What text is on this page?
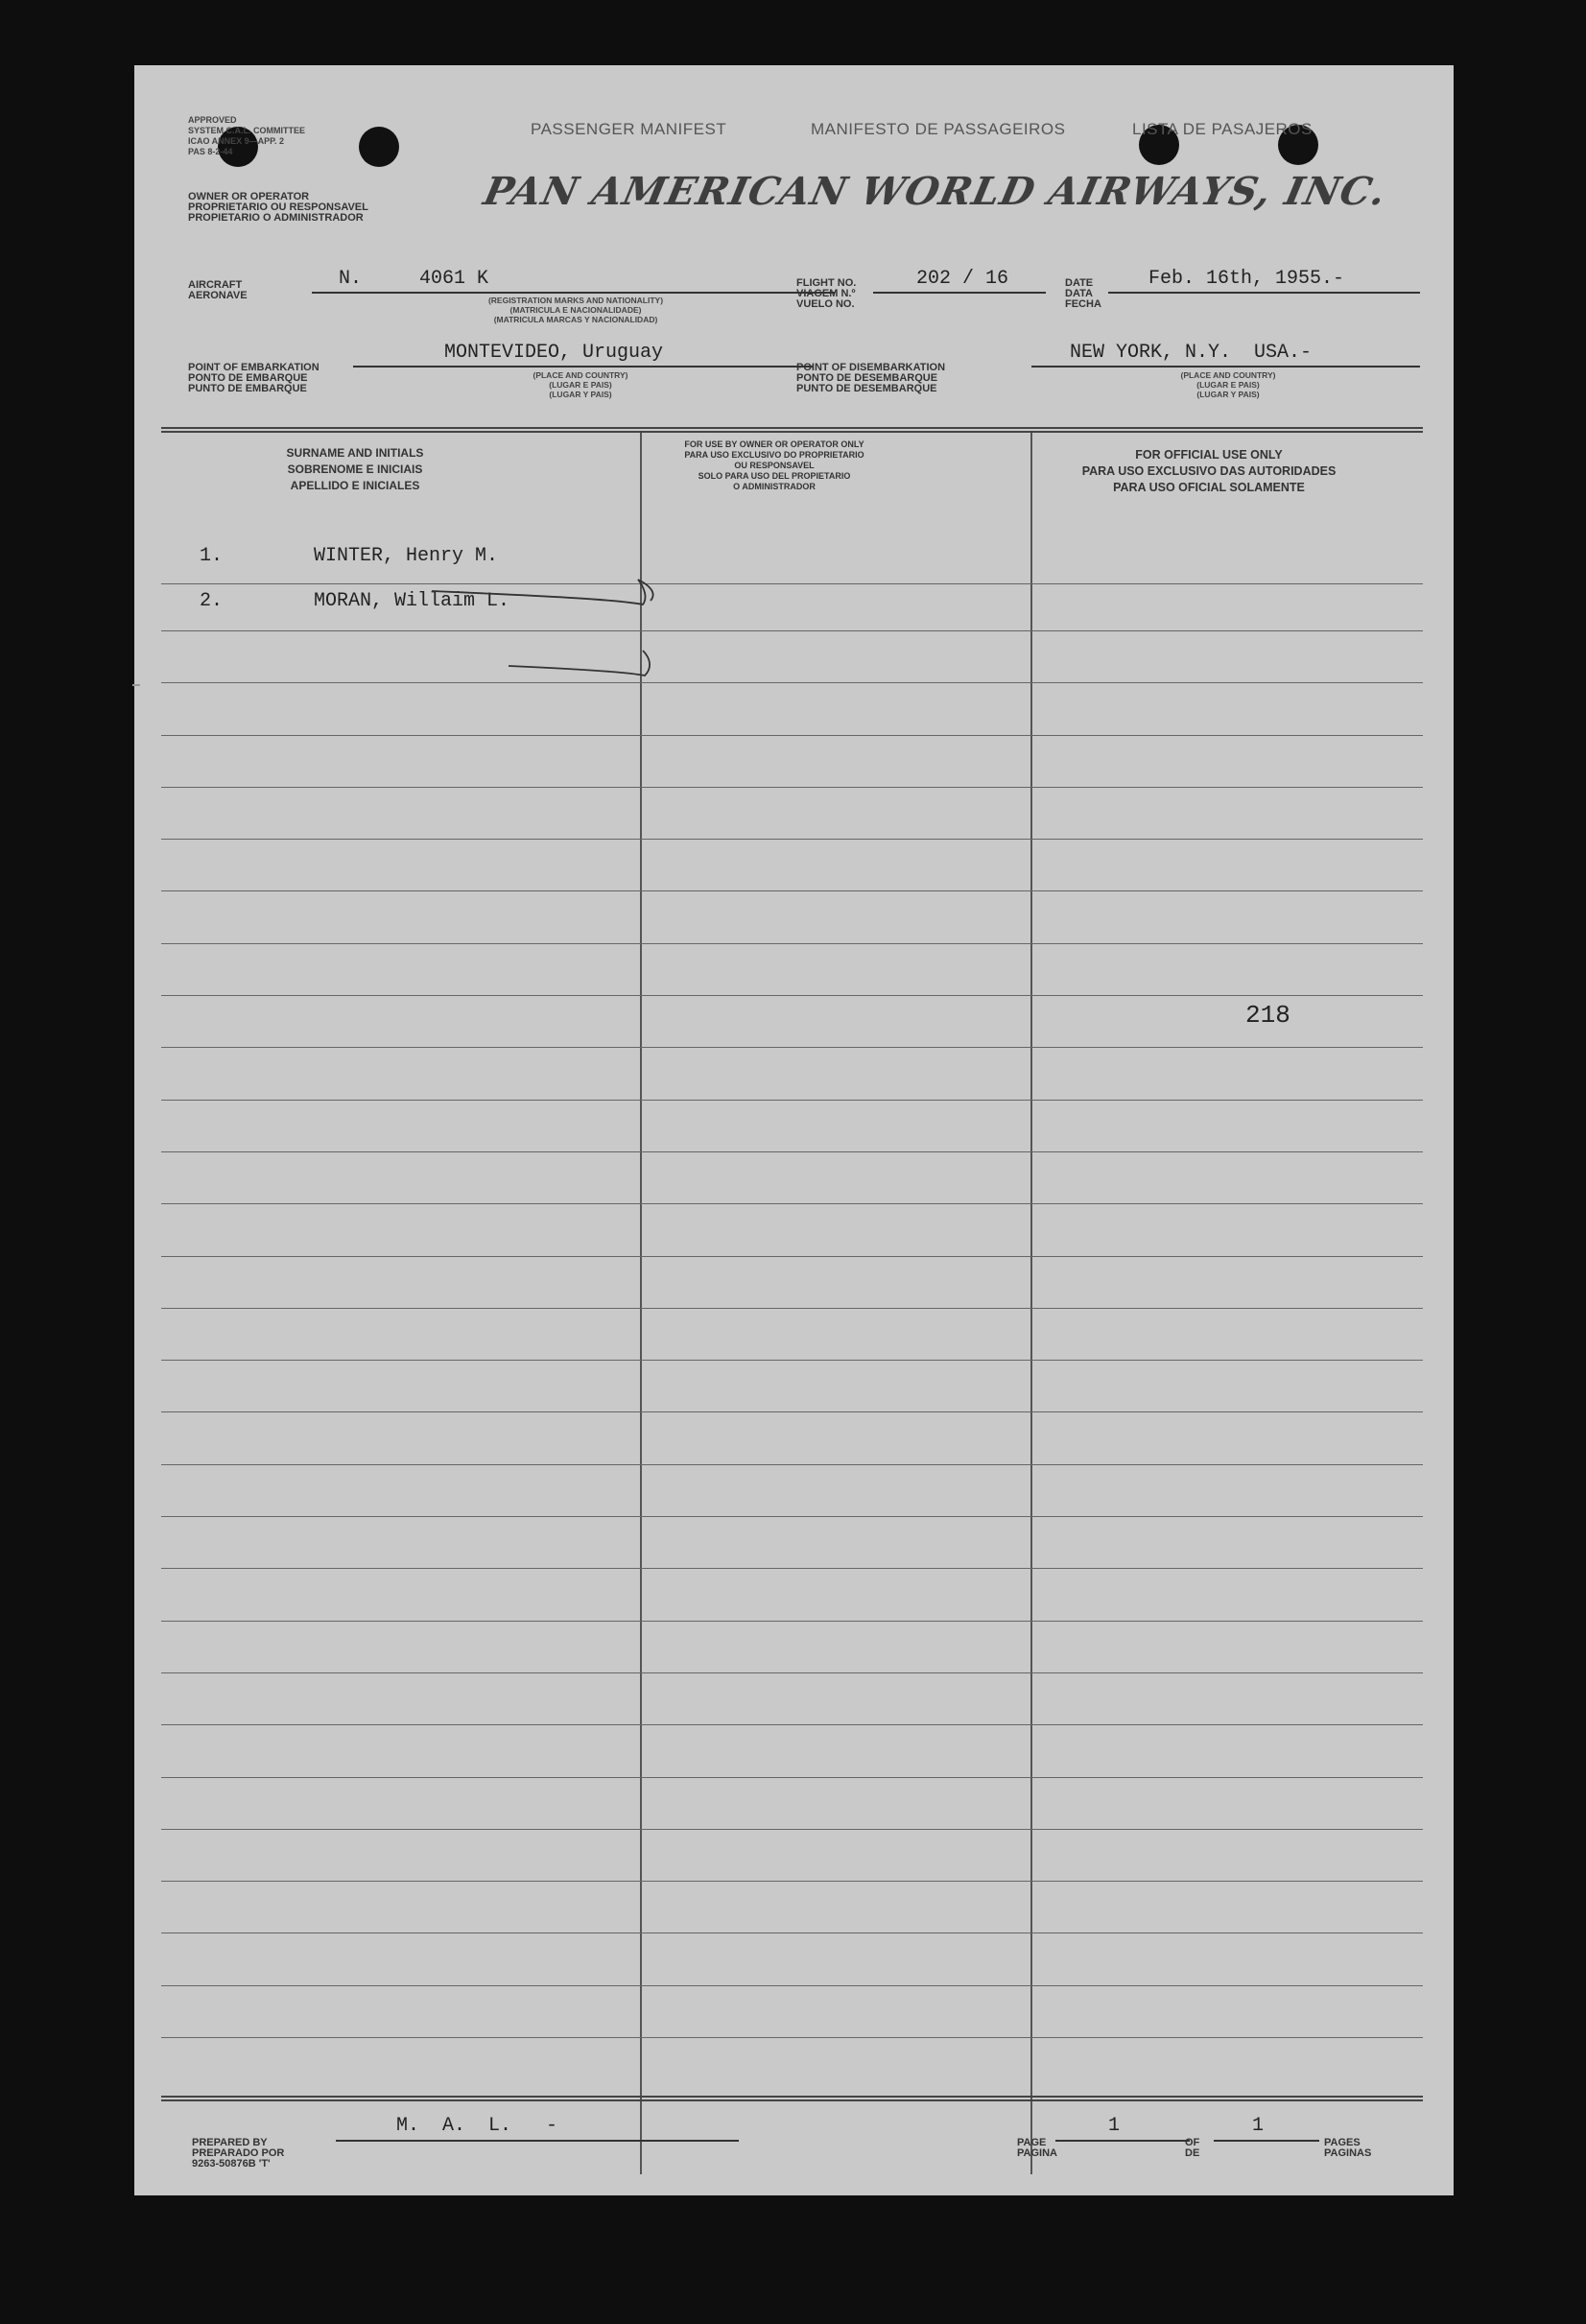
APPROVED
SYSTEM C.A.L. COMMITTEE
ICAO ANNEX 9—APP. 2
PAS 8-2-44
PASSENGER MANIFEST	MANIFESTO DE PASSAGEIROS	LISTA DE PASAJEROS
OWNER OR OPERATOR
PROPRIETARIO OU RESPONSAVEL
PROPIETARIO O ADMINISTRADOR
PAN AMERICAN WORLD AIRWAYS, INC.
AIRCRAFT
AERONAVE
N.	4061 K
(REGISTRATION MARKS AND NATIONALITY)
(MATRICULA E NACIONALIDADE)
(MATRICULA MARCAS Y NACIONALIDAD)
FLIGHT NO.
VIAGEM N.º
VUELO NO.
202 / 16	DATE
DATA
FECHA
Feb. 16th, 1955.-
POINT OF EMBARKATION
PONTO DE EMBARQUE
PUNTO DE EMBARQUE
MONTEVIDEO, Uruguay
(PLACE AND COUNTRY)
(LUGAR E PAIS)
(LUGAR Y PAIS)
POINT OF DISEMBARKATION
PONTO DE DESEMBARQUE
PUNTO DE DESEMBARQUE
NEW YORK, N.Y.  USA.-
(PLACE AND COUNTRY)
(LUGAR E PAIS)
(LUGAR Y PAIS)
SURNAME AND INITIALS
SOBRENOME E INICIAIS
APELLIDO E INICIALES
FOR USE BY OWNER OR OPERATOR ONLY
PARA USO EXCLUSIVO DO PROPRIETARIO
OU RESPONSAVEL
SOLO PARA USO DEL PROPIETARIO
O ADMINISTRADOR
FOR OFFICIAL USE ONLY
PARA USO EXCLUSIVO DAS AUTORIDADES
PARA USO OFICIAL SOLAMENTE
1.	WINTER, Henry M.
2.	MORAN, Willaim L.
218
PREPARED BY
PREPARADO POR
9263-50876B 'T'
M.  A.  L.   -
PAGE
PAGINA
1
OF
DE
1
PAGES
PAGINAS
